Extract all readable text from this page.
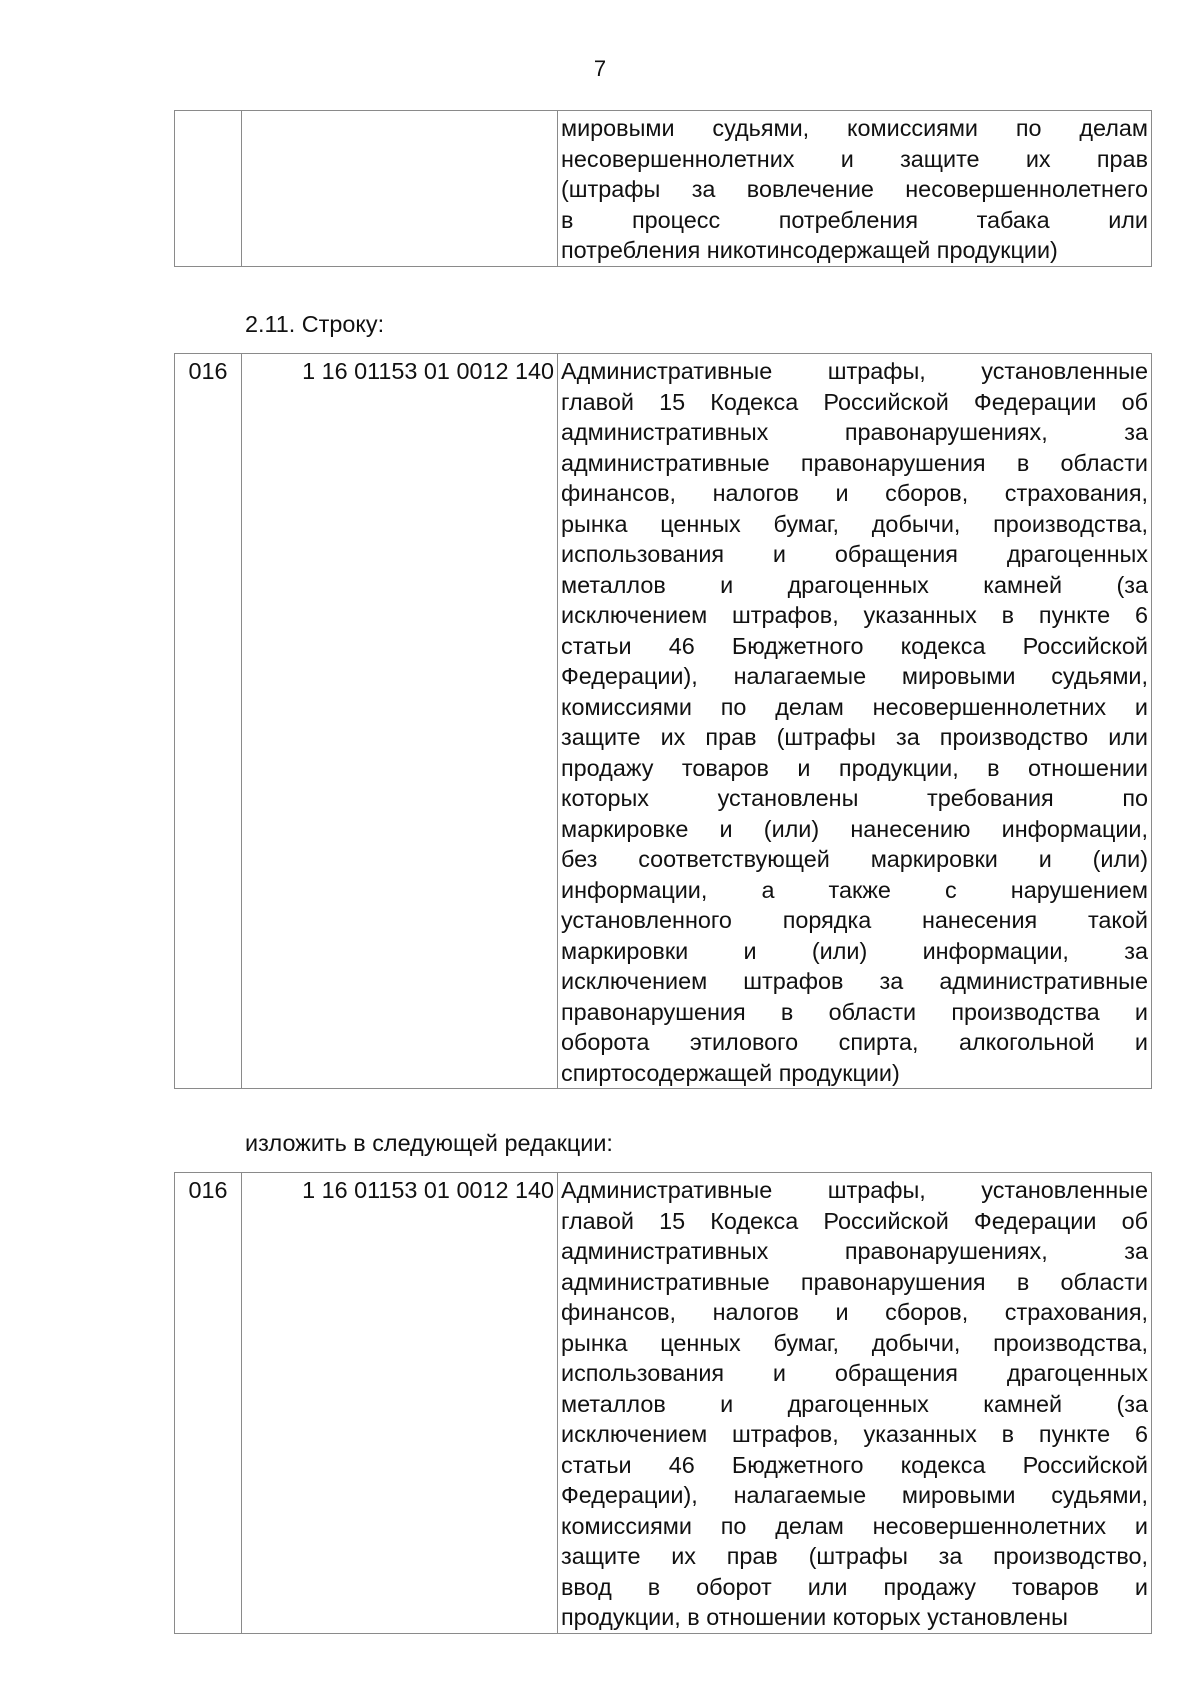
7

мировыми судьями, комиссиями по делам
несовершеннолетних и защите их прав
(штрафы за вовлечение несовершеннолетнего
в процесс потребления табака или
потребления никотинсодержащей продукции)
2.11. Строку:
016	1 16 01153 01 0012 140	Административные штрафы, установленные
главой 15 Кодекса Российской Федерации об
административных правонарушениях, за
административные правонарушения в области
финансов, налогов и сборов, страхования,
рынка ценных бумаг, добычи, производства,
использования и обращения драгоценных
металлов и драгоценных камней (за
исключением штрафов, указанных в пункте 6
статьи 46 Бюджетного кодекса Российской
Федерации), налагаемые мировыми судьями,
комиссиями по делам несовершеннолетних и
защите их прав (штрафы за производство или
продажу товаров и продукции, в отношении
которых установлены требования по
маркировке и (или) нанесению информации,
без соответствующей маркировки и (или)
информации, а также с нарушением
установленного порядка нанесения такой
маркировки и (или) информации, за
исключением штрафов за административные
правонарушения в области производства и
оборота этилового спирта, алкогольной и
спиртосодержащей продукции)
изложить в следующей редакции:
016	1 16 01153 01 0012 140	Административные штрафы, установленные
главой 15 Кодекса Российской Федерации об
административных правонарушениях, за
административные правонарушения в области
финансов, налогов и сборов, страхования,
рынка ценных бумаг, добычи, производства,
использования и обращения драгоценных
металлов и драгоценных камней (за
исключением штрафов, указанных в пункте 6
статьи 46 Бюджетного кодекса Российской
Федерации), налагаемые мировыми судьями,
комиссиями по делам несовершеннолетних и
защите их прав (штрафы за производство,
ввод в оборот или продажу товаров и
продукции, в отношении которых установлены
